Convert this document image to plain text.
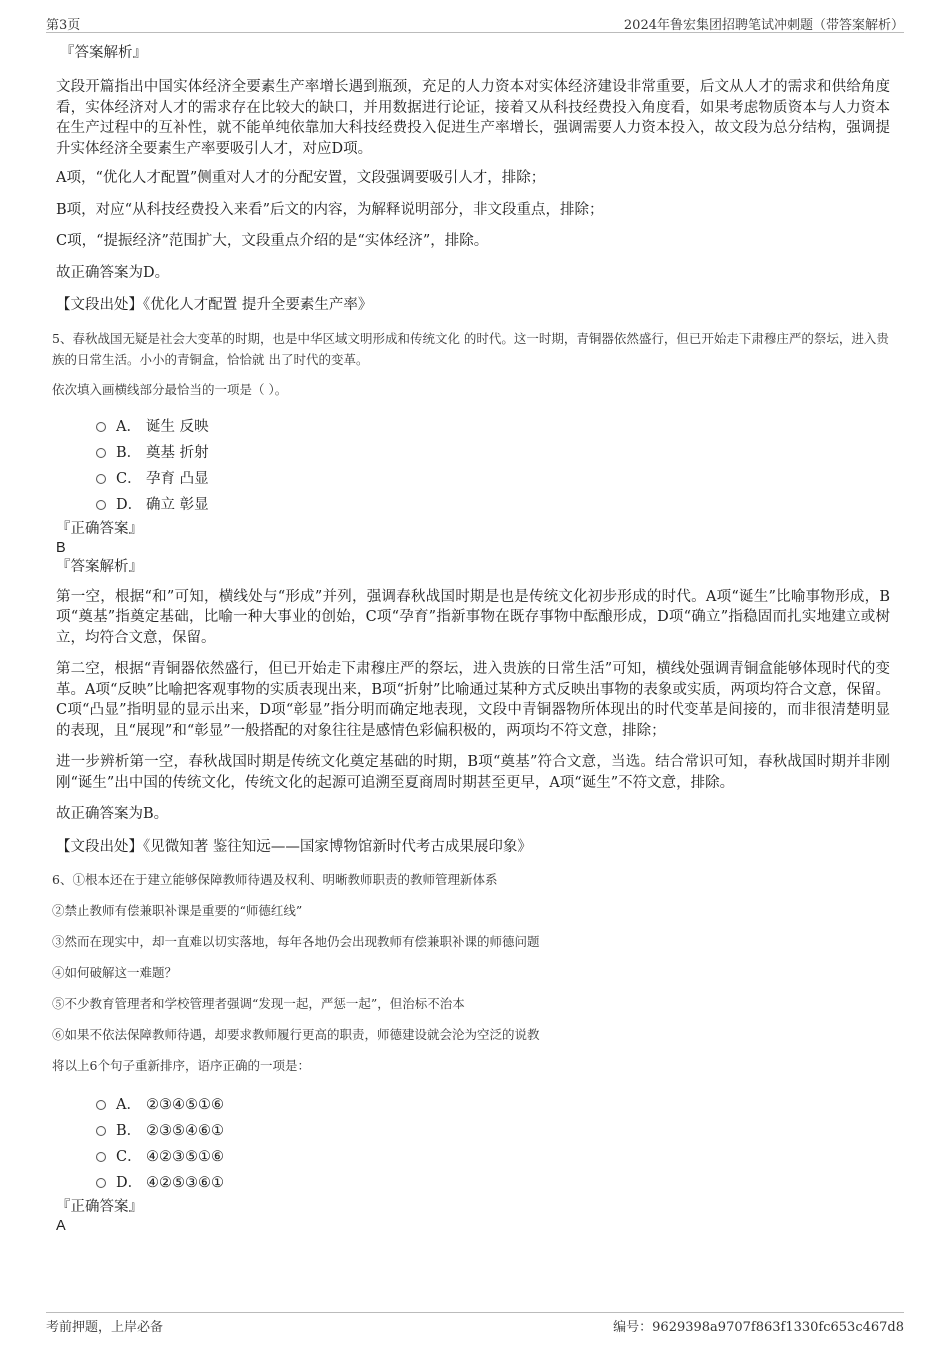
第3页	2024年鲁宏集团招聘笔试冲刺题（带答案解析）

『答案解析』

文段开篇指出中国实体经济全要素生产率增长遇到瓶颈，充足的人力资本对实体经济建设非常重要，后文从人才的需求和供给角度看，实体经济对人才的需求存在比较大的缺口，并用数据进行论证，接着又从科技经费投入角度看，如果考虑物质资本与人力资本在生产过程中的互补性，就不能单纯依靠加大科技经费投入促进生产率增长，强调需要人力资本投入，故文段为总分结构，强调提升实体经济全要素生产率要吸引人才，对应D项。

A项，“优化人才配置”侧重对人才的分配安置，文段强调要吸引人才，排除；

B项，对应“从科技经费投入来看”后文的内容，为解释说明部分，非文段重点，排除；

C项，“提振经济”范围扩大，文段重点介绍的是“实体经济”，排除。

故正确答案为D。

【文段出处】《优化人才配置 提升全要素生产率》

5、春秋战国无疑是社会大变革的时期，也是中华区域文明形成和传统文化 的时代。这一时期，青铜器依然盛行，但已开始走下肃穆庄严的祭坛，进入贵族的日常生活。小小的青铜盒，恰恰就 出了时代的变革。

依次填入画横线部分最恰当的一项是（ ）。

A． 诞生 反映
B． 奠基 折射
C． 孕育 凸显
D． 确立 彰显

『正确答案』

B

『答案解析』

第一空，根据“和”可知，横线处与“形成”并列，强调春秋战国时期是也是传统文化初步形成的时代。A项“诞生”比喻事物形成，B项“奠基”指奠定基础，比喻一种大事业的创始，C项“孕育”指新事物在既存事物中酝酿形成，D项“确立”指稳固而扎实地建立或树立，均符合文意，保留。

第二空，根据“青铜器依然盛行，但已开始走下肃穆庄严的祭坛，进入贵族的日常生活”可知，横线处强调青铜盒能够体现时代的变革。A项“反映”比喻把客观事物的实质表现出来，B项“折射”比喻通过某种方式反映出事物的表象或实质，两项均符合文意，保留。C项“凸显”指明显的显示出来，D项“彰显”指分明而确定地表现，文段中青铜器物所体现出的时代变革是间接的，而非很清楚明显的表现，且“展现”和“彰显”一般搭配的对象往往是感情色彩偏积极的，两项均不符文意，排除；

进一步辨析第一空，春秋战国时期是传统文化奠定基础的时期，B项“奠基”符合文意，当选。结合常识可知，春秋战国时期并非刚刚“诞生”出中国的传统文化，传统文化的起源可追溯至夏商周时期甚至更早，A项“诞生”不符文意，排除。

故正确答案为B。

【文段出处】《见微知著 鉴往知远——国家博物馆新时代考古成果展印象》

6、①根本还在于建立能够保障教师待遇及权利、明晰教师职责的教师管理新体系

②禁止教师有偿兼职补课是重要的“师德红线”

③然而在现实中，却一直难以切实落地，每年各地仍会出现教师有偿兼职补课的师德问题

④如何破解这一难题？

⑤不少教育管理者和学校管理者强调“发现一起，严惩一起”，但治标不治本

⑥如果不依法保障教师待遇，却要求教师履行更高的职责，师德建设就会沦为空泛的说教

将以上6个句子重新排序，语序正确的一项是：

A． ②③④⑤①⑥
B． ②③⑤④⑥①
C． ④②③⑤①⑥
D． ④②⑤③⑥①

『正确答案』

A

考前押题，上岸必备	编号：9629398a9707f863f1330fc653c467d8
